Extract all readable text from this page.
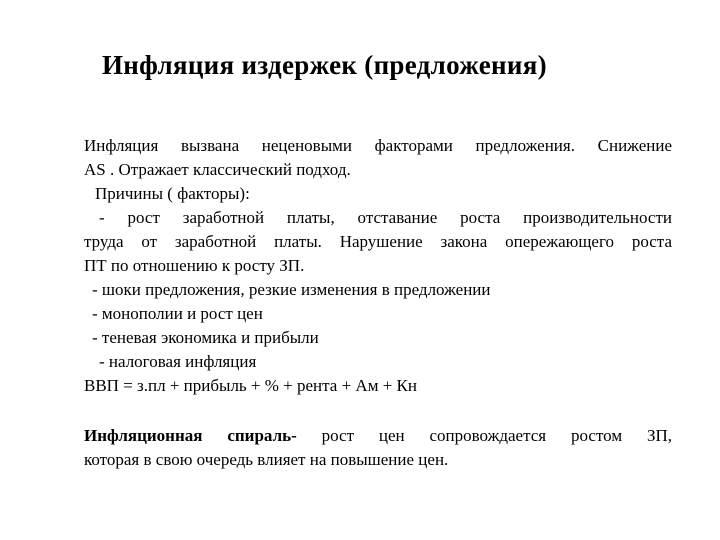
Инфляция издержек (предложения)
Инфляция вызвана неценовыми факторами предложения. Снижение
AS . Отражает классический подход.
Причины ( факторы):
- рост заработной платы, отставание роста производительности
труда от заработной платы. Нарушение закона опережающего роста
ПТ по отношению к росту ЗП.
- шоки предложения, резкие изменения в предложении
- монополии и рост цен
- теневая экономика и прибыли
- налоговая инфляция
ВВП = з.пл + прибыль + % + рента + Ам + Кн
Инфляционная спираль- рост цен сопровождается ростом ЗП,
которая в свою очередь влияет на повышение цен.
